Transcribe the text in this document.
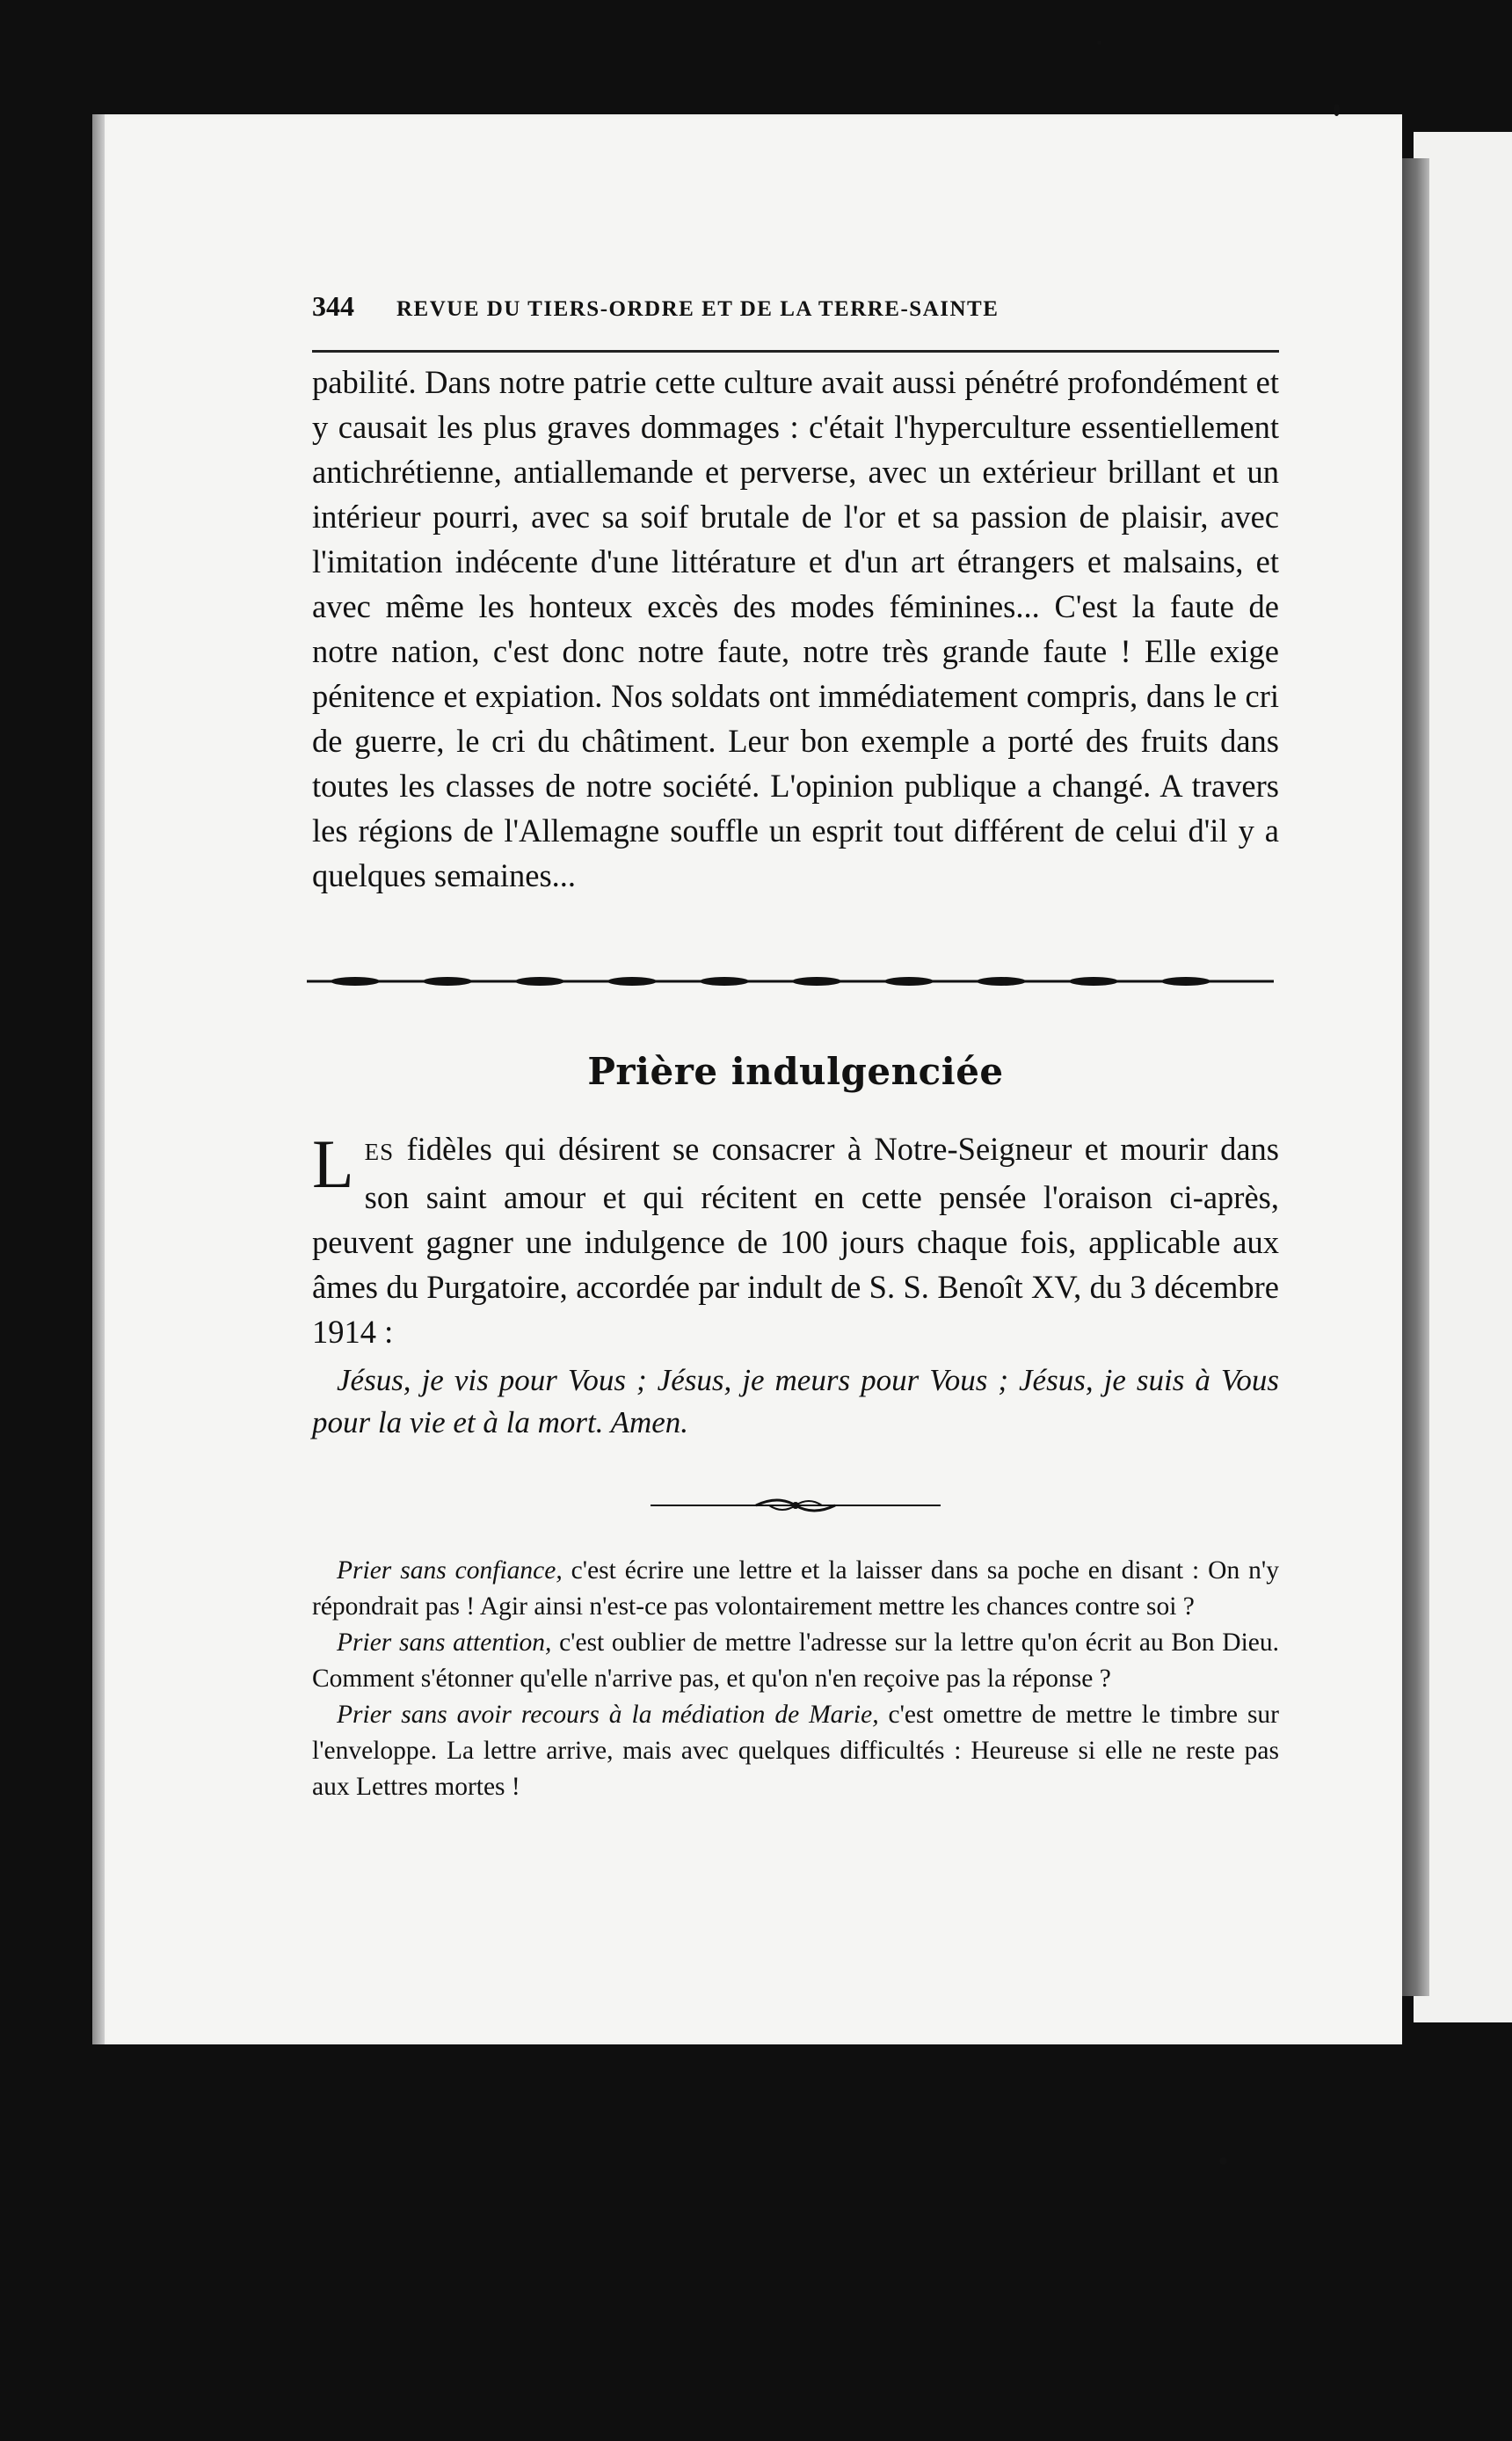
344 REVUE DU TIERS-ORDRE ET DE LA TERRE-SAINTE

pabilité. Dans notre patrie cette culture avait aussi pénétré profondément et y causait les plus graves dommages : c'était l'hyperculture essentiellement antichrétienne, antiallemande et perverse, avec un extérieur brillant et un intérieur pourri, avec sa soif brutale de l'or et sa passion de plaisir, avec l'imitation indécente d'une littérature et d'un art étrangers et malsains, et avec même les honteux excès des modes féminines... C'est la faute de notre nation, c'est donc notre faute, notre très grande faute ! Elle exige pénitence et expiation. Nos soldats ont immédiatement compris, dans le cri de guerre, le cri du châtiment. Leur bon exemple a porté des fruits dans toutes les classes de notre société. L'opinion publique a changé. A travers les régions de l'Allemagne souffle un esprit tout différent de celui d'il y a quelques semaines...

Prière indulgenciée

LES fidèles qui désirent se consacrer à Notre-Seigneur et mourir dans son saint amour et qui récitent en cette pensée l'oraison ci-après, peuvent gagner une indulgence de 100 jours chaque fois, applicable aux âmes du Purgatoire, accordée par indult de S. S. Benoît XV, du 3 décembre 1914 :

Jésus, je vis pour Vous ; Jésus, je meurs pour Vous ; Jésus, je suis à Vous pour la vie et à la mort. Amen.

Prier sans confiance, c'est écrire une lettre et la laisser dans sa poche en disant : On n'y répondrait pas ! Agir ainsi n'est-ce pas volontairement mettre les chances contre soi ?

Prier sans attention, c'est oublier de mettre l'adresse sur la lettre qu'on écrit au Bon Dieu. Comment s'étonner qu'elle n'arrive pas, et qu'on n'en reçoive pas la réponse ?

Prier sans avoir recours à la médiation de Marie, c'est omettre de mettre le timbre sur l'enveloppe. La lettre arrive, mais avec quelques difficultés : Heureuse si elle ne reste pas aux Lettres mortes !
